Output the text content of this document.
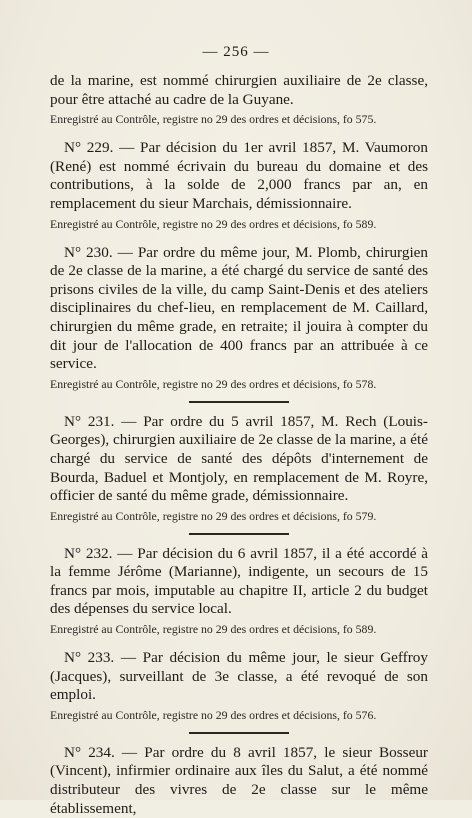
— 256 —

de la marine, est nommé chirurgien auxiliaire de 2e classe, pour être attaché au cadre de la Guyane.

Enregistré au Contrôle, registre no 29 des ordres et décisions, fo 575.

N° 229. — Par décision du 1er avril 1857, M. Vaumoron (René) est nommé écrivain du bureau du domaine et des contributions, à la solde de 2,000 francs par an, en remplacement du sieur Marchais, démissionnaire.

Enregistré au Contrôle, registre no 29 des ordres et décisions, fo 589.

N° 230. — Par ordre du même jour, M. Plomb, chirurgien de 2e classe de la marine, a été chargé du service de santé des prisons civiles de la ville, du camp Saint-Denis et des ateliers disciplinaires du chef-lieu, en remplacement de M. Caillard, chirurgien du même grade, en retraite; il jouira à compter du dit jour de l'allocation de 400 francs par an attribuée à ce service.

Enregistré au Contrôle, registre no 29 des ordres et décisions, fo 578.

N° 231. — Par ordre du 5 avril 1857, M. Rech (Louis-Georges), chirurgien auxiliaire de 2e classe de la marine, a été chargé du service de santé des dépôts d'internement de Bourda, Baduel et Montjoly, en remplacement de M. Royre, officier de santé du même grade, démissionnaire.

Enregistré au Contrôle, registre no 29 des ordres et décisions, fo 579.

N° 232. — Par décision du 6 avril 1857, il a été accordé à la femme Jérôme (Marianne), indigente, un secours de 15 francs par mois, imputable au chapitre II, article 2 du budget des dépenses du service local.

Enregistré au Contrôle, registre no 29 des ordres et décisions, fo 589.

N° 233. — Par décision du même jour, le sieur Geffroy (Jacques), surveillant de 3e classe, a été revoqué de son emploi.

Enregistré au Contrôle, registre no 29 des ordres et décisions, fo 576.

N° 234. — Par ordre du 8 avril 1857, le sieur Bosseur (Vincent), infirmier ordinaire aux îles du Salut, a été nommé distributeur des vivres de 2e classe sur le même établissement,
